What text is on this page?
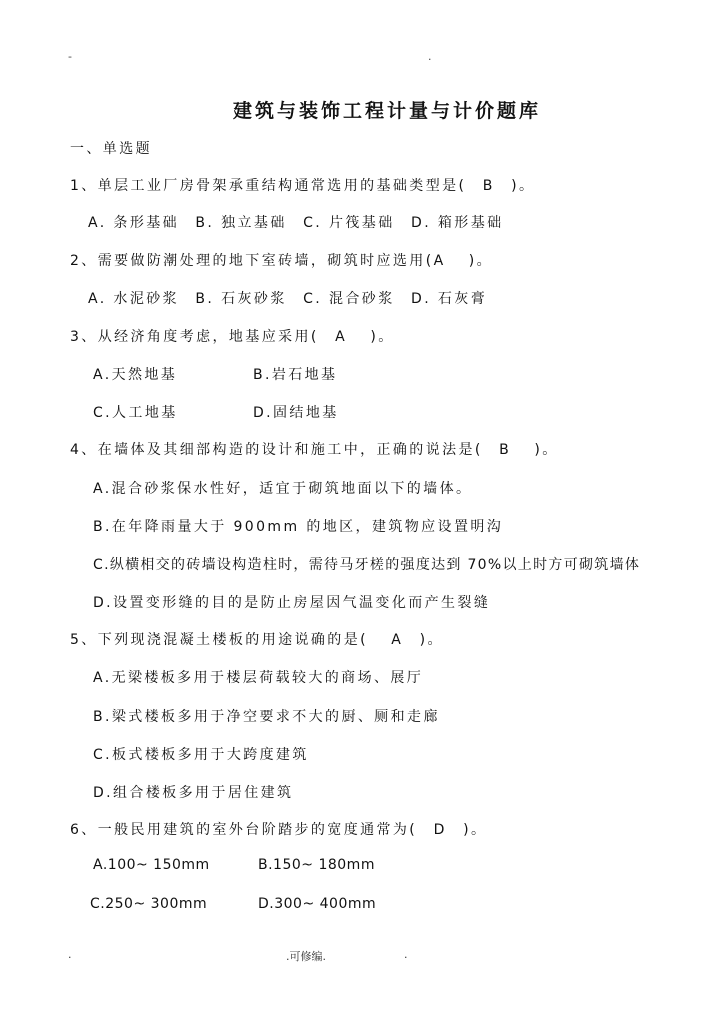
-	.
建筑与装饰工程计量与计价题库
一、单选题
1、单层工业厂房骨架承重结构通常选用的基础类型是(　B　)。
A. 条形基础　B. 独立基础　C. 片筏基础　D. 箱形基础
2、需要做防潮处理的地下室砖墙，砌筑时应选用(A　 )。
A. 水泥砂浆　B. 石灰砂浆　C. 混合砂浆　D. 石灰膏
3、从经济角度考虑，地基应采用(　A　 )。
A.天然地基	B.岩石地基
C.人工地基	D.固结地基
4、在墙体及其细部构造的设计和施工中，正确的说法是(　B　 )。
A.混合砂浆保水性好，适宜于砌筑地面以下的墙体。
B.在年降雨量大于 900mm 的地区，建筑物应设置明沟
C.纵横相交的砖墙设构造柱时，需待马牙槎的强度达到 70%以上时方可砌筑墙体
D.设置变形缝的目的是防止房屋因气温变化而产生裂缝
5、下列现浇混凝土楼板的用途说确的是(　 A　)。
A.无梁楼板多用于楼层荷载较大的商场、展厅
B.梁式楼板多用于净空要求不大的厨、厕和走廊
C.板式楼板多用于大跨度建筑
D.组合楼板多用于居住建筑
6、一般民用建筑的室外台阶踏步的宽度通常为(　D　)。
A.100~ 150mm	B.150~ 180mm
C.250~ 300mm	D.300~ 400mm
.	.可修编.	.
